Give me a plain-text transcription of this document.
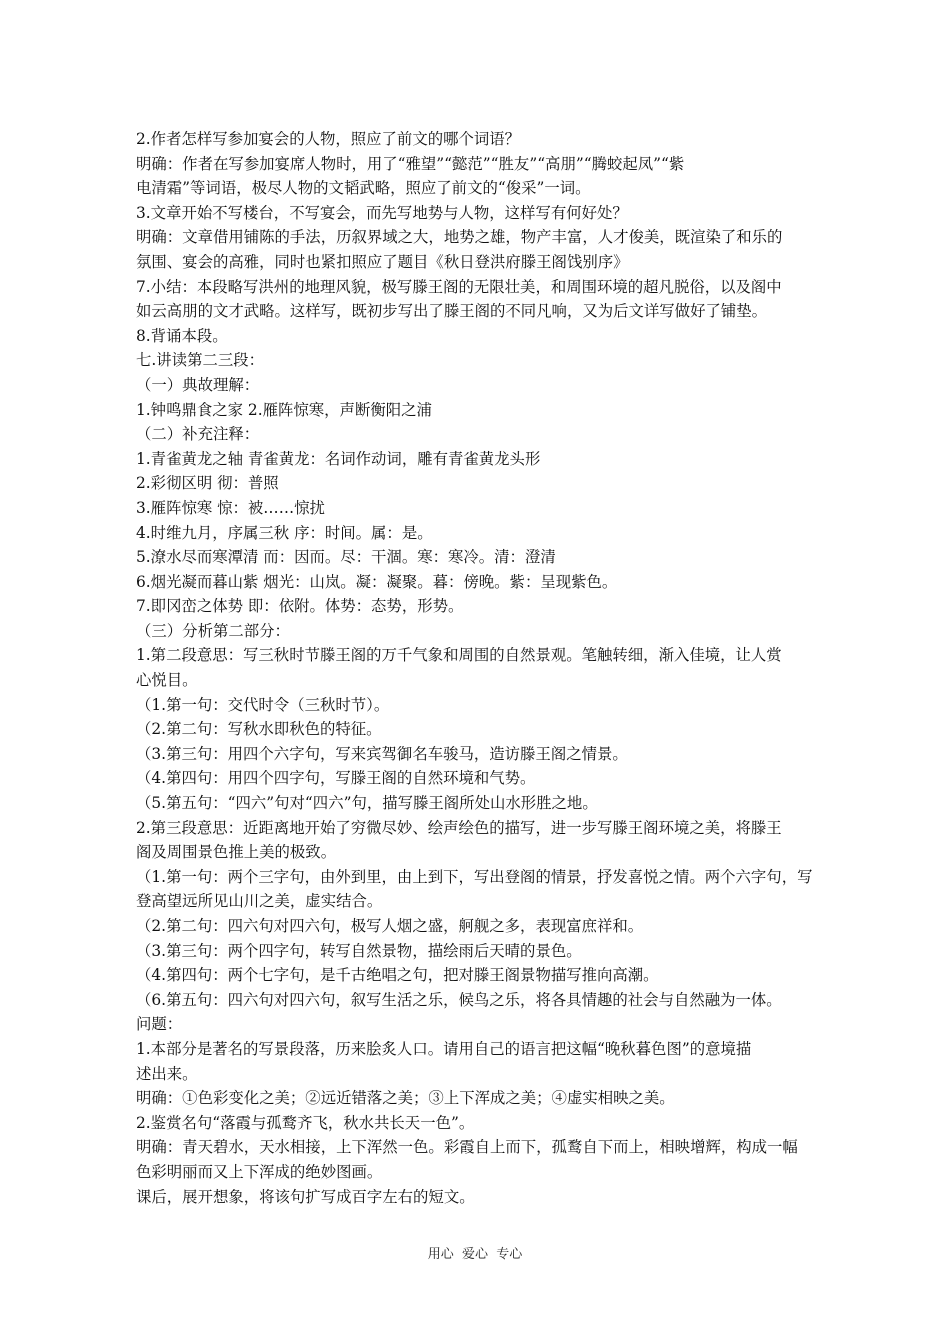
2.作者怎样写参加宴会的人物，照应了前文的哪个词语？
明确：作者在写参加宴席人物时，用了“雅望”“懿范”“胜友”“高朋”“腾蛟起凤”“紫
电清霜”等词语，极尽人物的文韬武略，照应了前文的“俊采”一词。
3.文章开始不写楼台，不写宴会，而先写地势与人物，这样写有何好处？
明确：文章借用铺陈的手法，历叙界域之大，地势之雄，物产丰富，人才俊美，既渲染了和乐的
氛围、宴会的高雅，同时也紧扣照应了题目《秋日登洪府滕王阁饯别序》
7.小结：本段略写洪州的地理风貌，极写滕王阁的无限壮美，和周围环境的超凡脱俗，以及阁中
如云高朋的文才武略。这样写，既初步写出了滕王阁的不同凡响，又为后文详写做好了铺垫。
8.背诵本段。
七.讲读第二三段：
（一）典故理解：
1.钟鸣鼎食之家 2.雁阵惊寒，声断衡阳之浦
（二）补充注释：
1.青雀黄龙之轴 青雀黄龙：名词作动词，雕有青雀黄龙头形
2.彩彻区明 彻：普照
3.雁阵惊寒 惊：被……惊扰
4.时维九月，序属三秋 序：时间。属：是。
5.潦水尽而寒潭清 而：因而。尽：干涸。寒：寒冷。清：澄清
6.烟光凝而暮山紫 烟光：山岚。凝：凝聚。暮：傍晚。紫：呈现紫色。
7.即冈峦之体势 即：依附。体势：态势，形势。
（三）分析第二部分：
1.第二段意思：写三秋时节滕王阁的万千气象和周围的自然景观。笔触转细，渐入佳境，让人赏
心悦目。
（1.第一句：交代时令（三秋时节）。
（2.第二句：写秋水即秋色的特征。
（3.第三句：用四个六字句，写来宾驾御名车骏马，造访滕王阁之情景。
（4.第四句：用四个四字句，写滕王阁的自然环境和气势。
（5.第五句：“四六”句对“四六”句，描写滕王阁所处山水形胜之地。
2.第三段意思：近距离地开始了穷微尽妙、绘声绘色的描写，进一步写滕王阁环境之美，将滕王
阁及周围景色推上美的极致。
（1.第一句：两个三字句，由外到里，由上到下，写出登阁的情景，抒发喜悦之情。两个六字句，写
登高望远所见山川之美，虚实结合。
（2.第二句：四六句对四六句，极写人烟之盛，舸舰之多，表现富庶祥和。
（3.第三句：两个四字句，转写自然景物，描绘雨后天晴的景色。
（4.第四句：两个七字句，是千古绝唱之句，把对滕王阁景物描写推向高潮。
（6.第五句：四六句对四六句，叙写生活之乐，候鸟之乐，将各具情趣的社会与自然融为一体。
问题：
1.本部分是著名的写景段落，历来脍炙人口。请用自己的语言把这幅“晚秋暮色图”的意境描
述出来。
明确：①色彩变化之美；②远近错落之美；③上下浑成之美；④虚实相映之美。
2.鉴赏名句“落霞与孤鹜齐飞，秋水共长天一色”。
明确：青天碧水，天水相接，上下浑然一色。彩霞自上而下，孤鹜自下而上，相映增辉，构成一幅
色彩明丽而又上下浑成的绝妙图画。
课后，展开想象，将该句扩写成百字左右的短文。
用心  爱心  专心
